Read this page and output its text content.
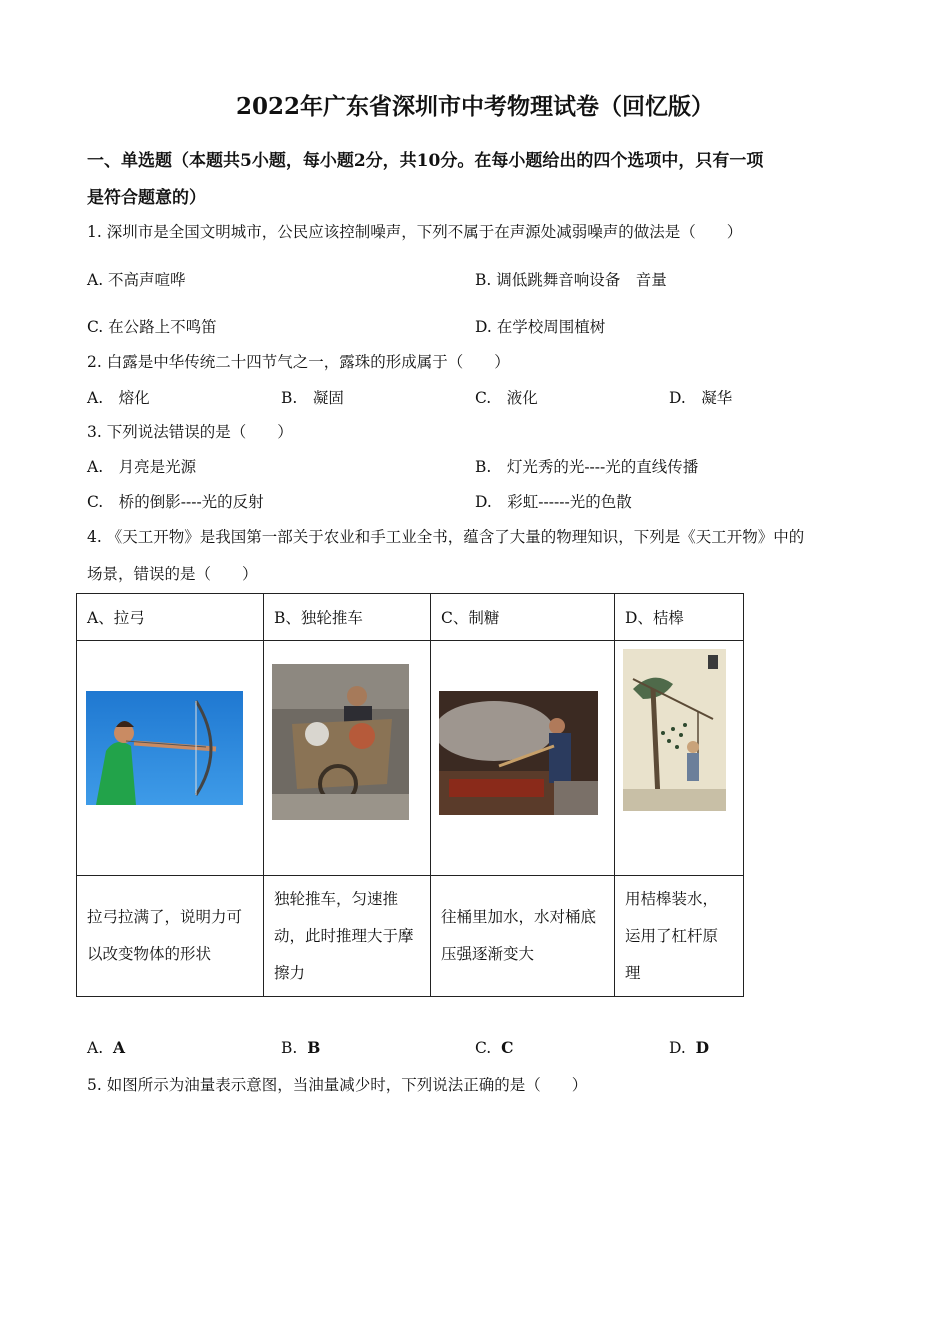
2022年广东省深圳市中考物理试卷（回忆版）
一、单选题（本题共5小题，每小题2分，共10分。在每小题给出的四个选项中，只有一项
是符合题意的）
1. 深圳市是全国文明城市，公民应该控制噪声，下列不属于在声源处减弱噪声的做法是（　　）
A. 不高声喧哗	B. 调低跳舞音响设备　音量
C. 在公路上不鸣笛	D. 在学校周围植树
2. 白露是中华传统二十四节气之一，露珠的形成属于（　　）
A.　熔化	B.　凝固	C.　液化	D.　凝华
3. 下列说法错误的是（　　）
A.　月亮是光源	B.　灯光秀的光----光的直线传播
C.　桥的倒影----光的反射	D.　彩虹------光的色散
4. 《天工开物》是我国第一部关于农业和手工业全书，蕴含了大量的物理知识，下列是《天工开物》中的
场景，错误的是（　　）
A、拉弓	B、独轮推车	C、制糖	D、桔槔

拉弓拉满了，说明力可以改变物体的形状	独轮推车，匀速推动，此时推理大于摩擦力	往桶里加水，水对桶底压强逐渐变大	用桔槔装水，运用了杠杆原理
A. A	B. B	C. C	D. D
5. 如图所示为油量表示意图，当油量减少时，下列说法正确的是（　　）
